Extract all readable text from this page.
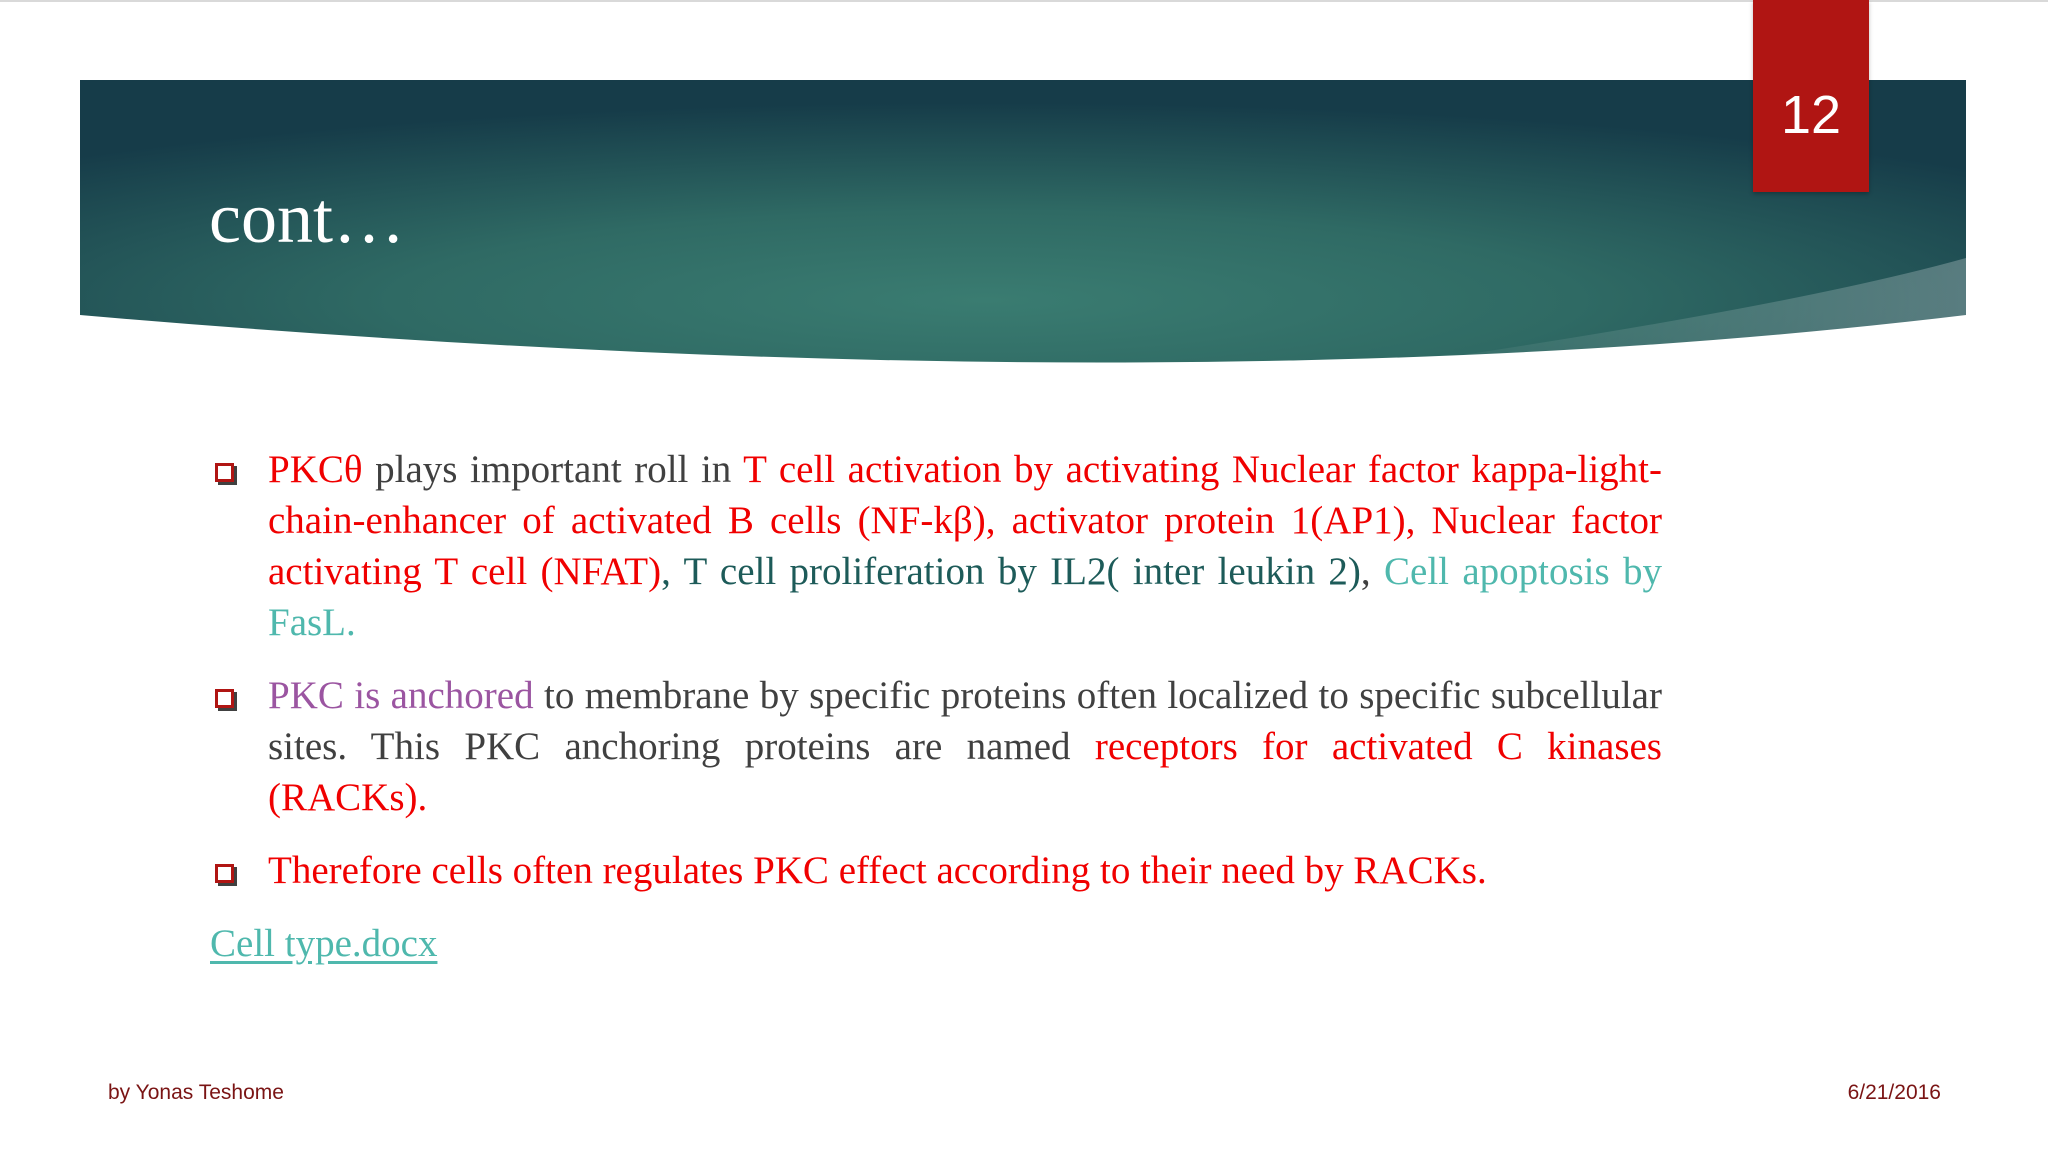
cont…
12
PKCθ plays important roll in T cell activation by activating Nuclear factor kappa-light-chain-enhancer of activated B cells (NF-kβ), activator protein 1(AP1), Nuclear factor activating T cell (NFAT), T cell proliferation by IL2( inter leukin 2), Cell apoptosis by FasL.
PKC is anchored to membrane by specific proteins often localized to specific subcellular sites. This PKC anchoring proteins are named receptors for activated C kinases (RACKs).
Therefore cells often regulates PKC effect according to their need by RACKs.
Cell type.docx
by Yonas Teshome	6/21/2016
